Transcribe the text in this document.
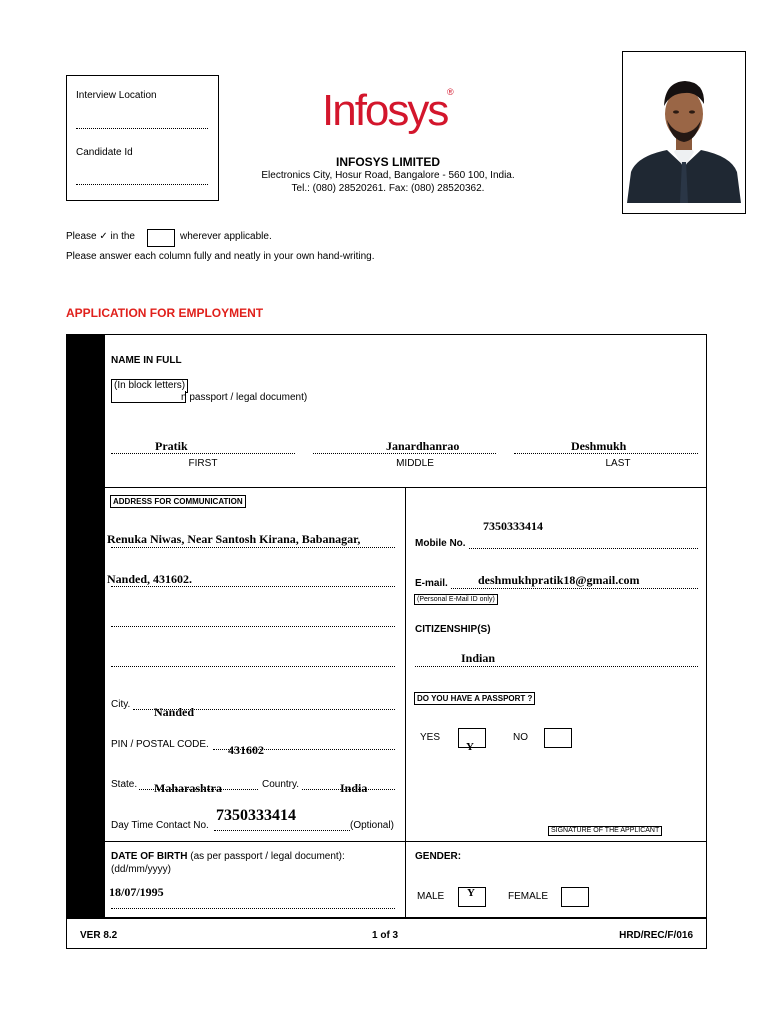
Interview Location
Candidate Id
Infosys ®
INFOSYS LIMITED
Electronics City, Hosur Road, Bangalore - 560 100, India.
Tel.: (080) 28520261. Fax: (080) 28520362.
Please ✓ in the	wherever applicable.
Please answer each column fully and neatly in your own hand-writing.
APPLICATION FOR EMPLOYMENT
NAME IN FULL
(In block letters)
n passport / legal document)
Pratik	Janardhanrao	Deshmukh
FIRST	MIDDLE	LAST
ADDRESS FOR COMMUNICATION
Renuka Niwas, Near Santosh Kirana, Babanagar,
Nanded, 431602.
City.
Nanded
PIN / POSTAL CODE. 431602
State. Maharashtra	Country.	India
Day Time Contact No.
7350333414
(Optional)
Mobile No.
7350333414
E-mail.	deshmukhpratik18@gmail.com
(Personal E-Mail ID only)
CITIZENSHIP(S)
Indian
DO YOU HAVE A PASSPORT ?
YES
Y
NO
SIGNATURE OF THE APPLICANT
DATE OF BIRTH (as per passport / legal document):
(dd/mm/yyyy)
18/07/1995
GENDER:
MALE Y	FEMALE
VER 8.2	1 of 3	HRD/REC/F/016
